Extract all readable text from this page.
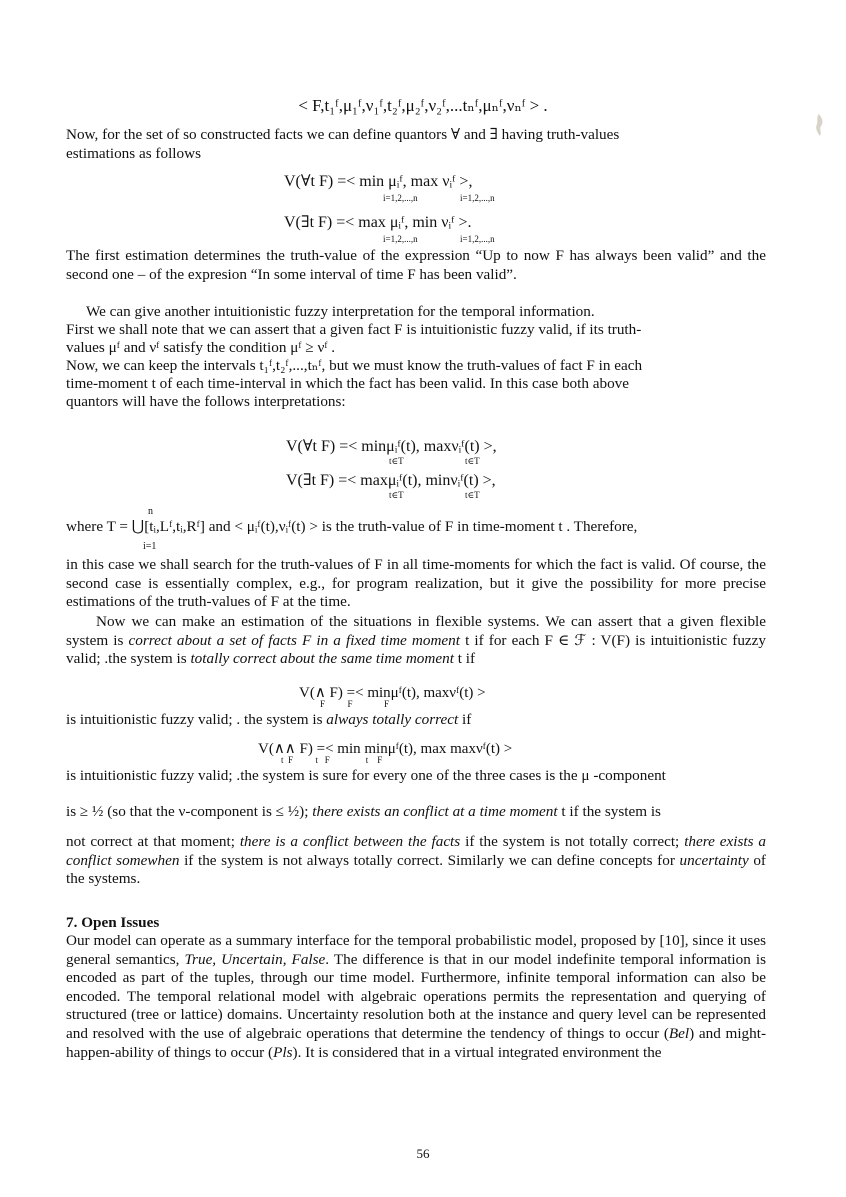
< F,t₁ᶠ,μ₁ᶠ,ν₁ᶠ,t₂ᶠ,μ₂ᶠ,ν₂ᶠ,...tₙᶠ,μₙᶠ,νₙᶠ > .
Now, for the set of so constructed facts we can define quantors ∀ and ∃ having truth-values
estimations as follows
V(∀t F) =< min μᵢᶠ, max νᵢᶠ >,
i=1,2,...,n	i=1,2,...,n
V(∃t F) =< max μᵢᶠ, min νᵢᶠ >.
i=1,2,...,n	i=1,2,...,n
The first estimation determines the truth-value of the expression “Up to now F has always been valid” and the second one – of the expresion “In some interval of time F has been valid”.
We can give another intuitionistic fuzzy interpretation for the temporal information.
First we shall note that we can assert that a given fact F is intuitionistic fuzzy valid, if its truth-
values μᶠ and νᶠ satisfy the condition μᶠ ≥ νᶠ .
Now, we can keep the intervals t₁ᶠ,t₂ᶠ,...,tₙᶠ, but we must know the truth-values of fact F in each
time-moment t of each time-interval in which the fact has been valid. In this case both above
quantors will have the follows interpretations:
V(∀t F) =< minμᵢᶠ(t), maxνᵢᶠ(t) >,
t∈T	t∈T
V(∃t F) =< maxμᵢᶠ(t), minνᵢᶠ(t) >,
t∈T	t∈T
n
where T = ⋃[tᵢ,Lᶠ,tᵢ,Rᶠ] and < μᵢᶠ(t),νᵢᶠ(t) > is the truth-value of F in time-moment t . Therefore,
i=1
in this case we shall search for the truth-values of F in all time-moments for which the fact is valid. Of course, the second case is essentially complex, e.g., for program realization, but it give the possibility for more precise estimations of the truth-values of F at the time.
Now we can make an estimation of the situations in flexible systems. We can assert that a given flexible system is correct about a set of facts F in a fixed time moment t if for each F ∈ ℱ : V(F) is intuitionistic fuzzy valid; .the system is totally correct about the same time moment t if
V(∧ F) =< minμᶠ(t), maxνᶠ(t) >
F          F              F
is intuitionistic fuzzy valid; . the system is always totally correct if
V(∧∧ F) =< min minμᶠ(t), max maxνᶠ(t) >
t  F          t   F                t    F
is intuitionistic fuzzy valid; .the system is sure for every one of the three cases is the μ -component
is ≥ ½ (so that the ν-component is ≤ ½); there exists an conflict at a time moment t if the system is
not correct at that moment; there is a conflict between the facts if the system is not totally correct; there exists a conflict somewhen if the system is not always totally correct. Similarly we can define concepts for uncertainty of the systems.
7. Open Issues
Our model can operate as a summary interface for the temporal probabilistic model, proposed by [10], since it uses general semantics, True, Uncertain, False. The difference is that in our model indefinite temporal information is encoded as part of the tuples, through our time model. Furthermore, infinite temporal information can also be encoded. The temporal relational model with algebraic operations permits the representation and querying of structured (tree or lattice) domains. Uncertainty resolution both at the instance and query level can be represented and resolved with the use of algebraic operations that determine the tendency of things to occur (Bel) and might-happen-ability of things to occur (Pls). It is considered that in a virtual integrated environment the
56
